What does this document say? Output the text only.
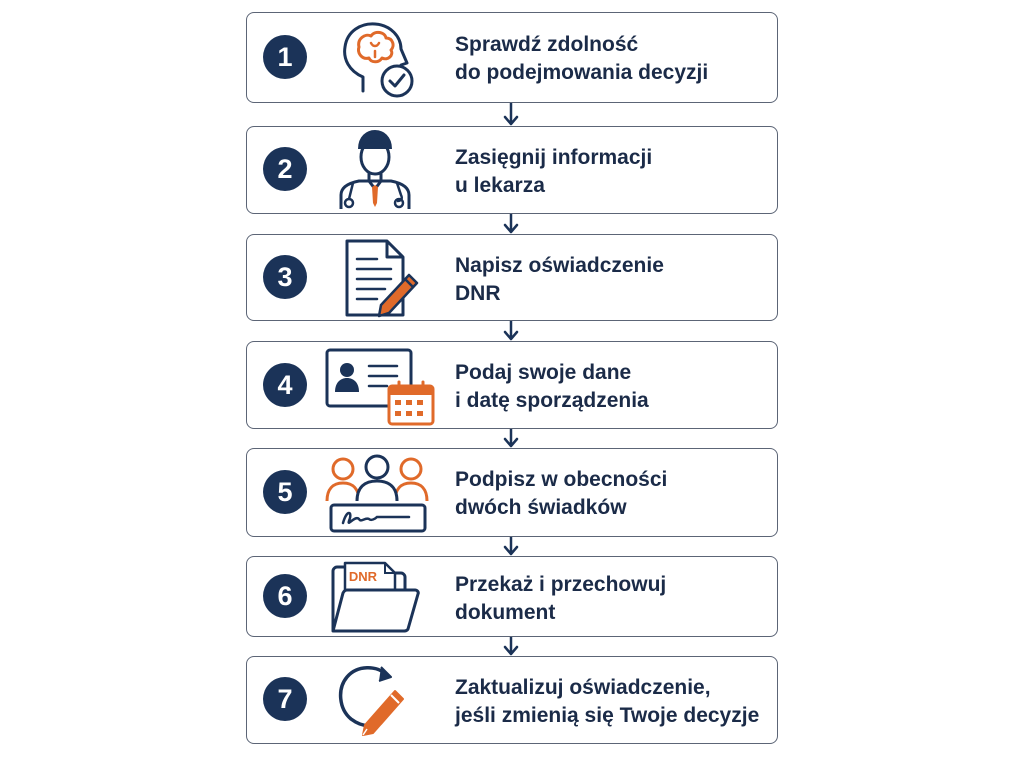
1	Sprawdź zdolność
do podejmowania decyzji
2	Zasięgnij informacji
u lekarza
3	Napisz oświadczenie
DNR
4	Podaj swoje dane
i datę sporządzenia
5	Podpisz w obecności
dwóch świadków
6
DNR	Przekaż i przechowuj
dokument
7	Zaktualizuj oświadczenie,
jeśli zmienią się Twoje decyzje
